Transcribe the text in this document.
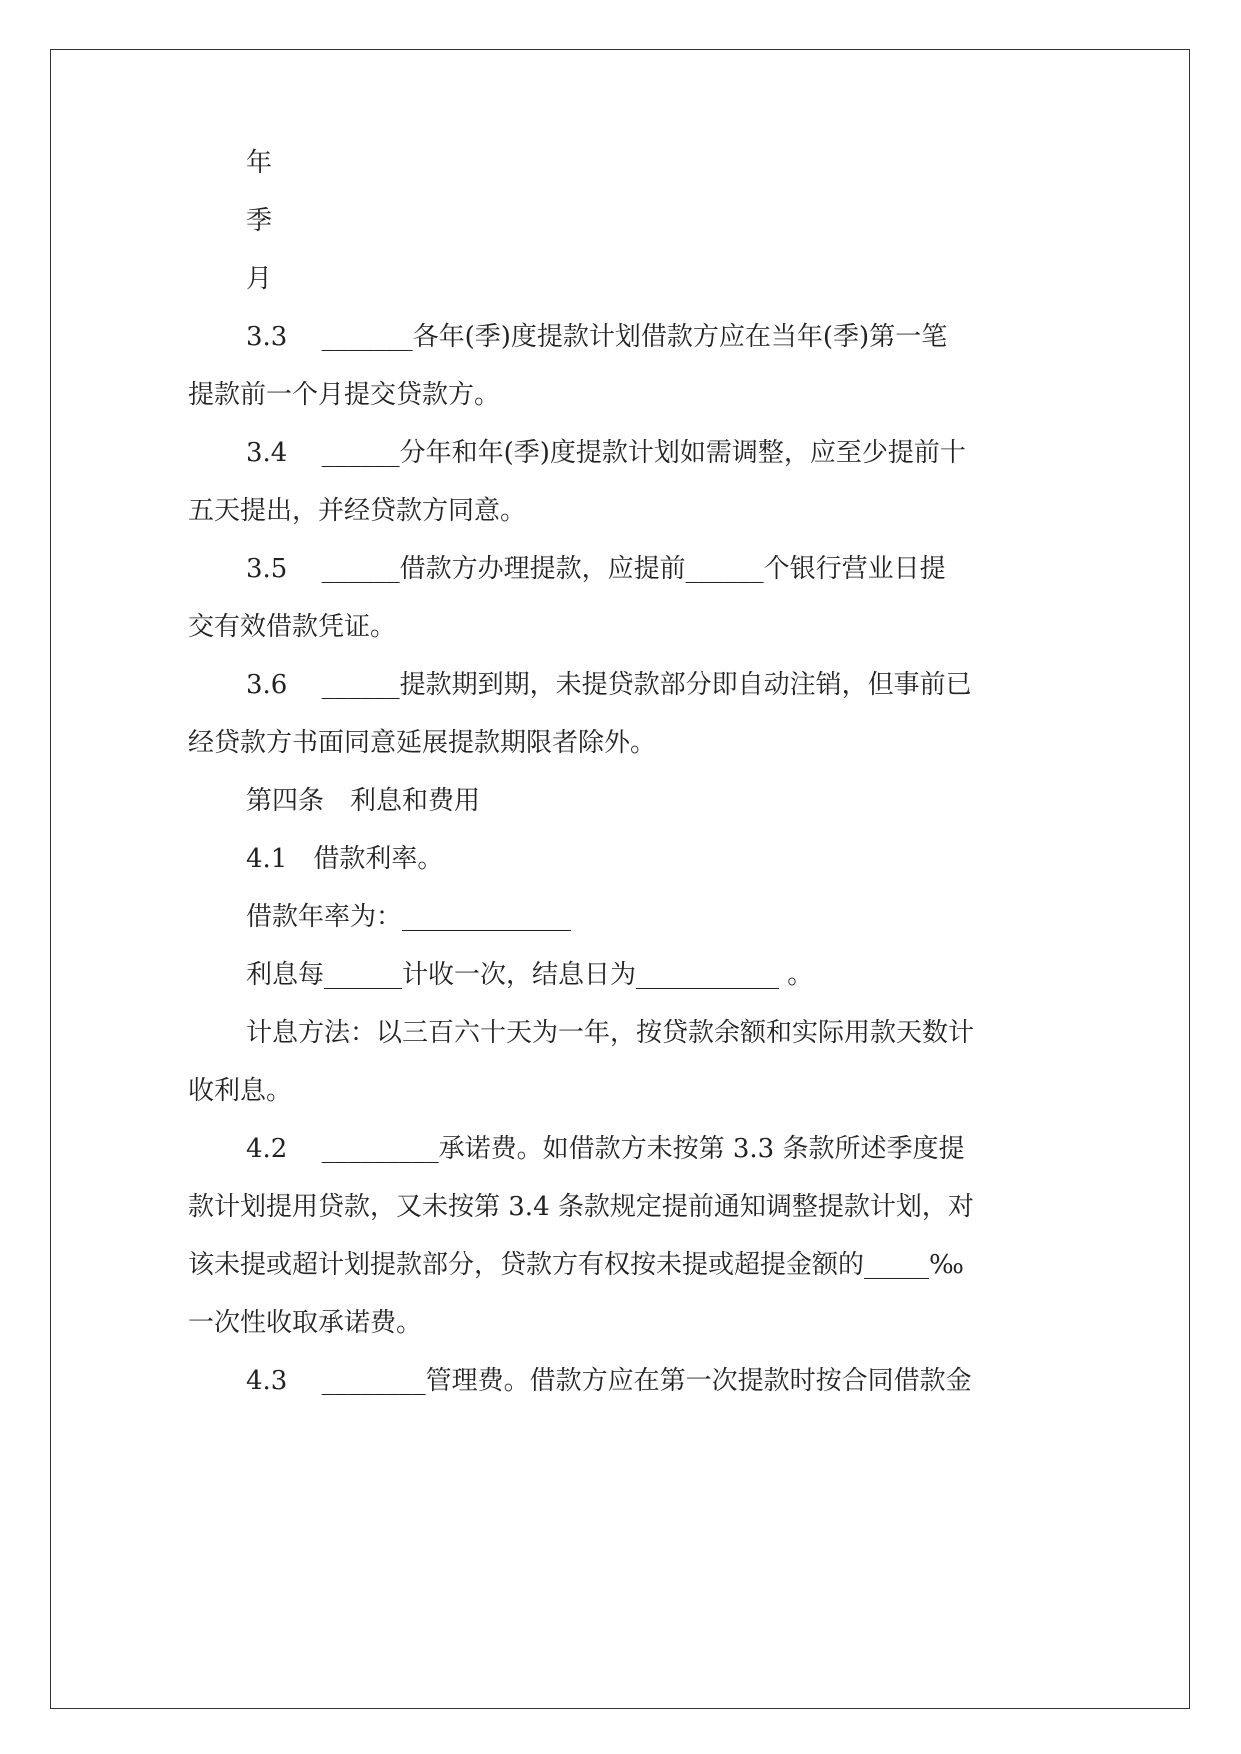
年
季
月
3.3　 _______各年(季)度提款计划借款方应在当年(季)第一笔
提款前一个月提交贷款方。
3.4　 ______分年和年(季)度提款计划如需调整，应至少提前十
五天提出，并经贷款方同意。
3.5　 ______借款方办理提款，应提前______个银行营业日提
交有效借款凭证。
3.6　 ______提款期到期，未提贷款部分即自动注销，但事前已
经贷款方书面同意延展提款期限者除外。
第四条　利息和费用
4.1　借款利率。
借款年率为：_____________
利息每______计收一次，结息日为___________ 。
计息方法：以三百六十天为一年，按贷款余额和实际用款天数计
收利息。
4.2　 _________承诺费。如借款方未按第 3.3 条款所述季度提
款计划提用贷款，又未按第 3.4 条款规定提前通知调整提款计划，对
该未提或超计划提款部分，贷款方有权按未提或超提金额的_____‰
一次性收取承诺费。
4.3　 ________管理费。借款方应在第一次提款时按合同借款金
